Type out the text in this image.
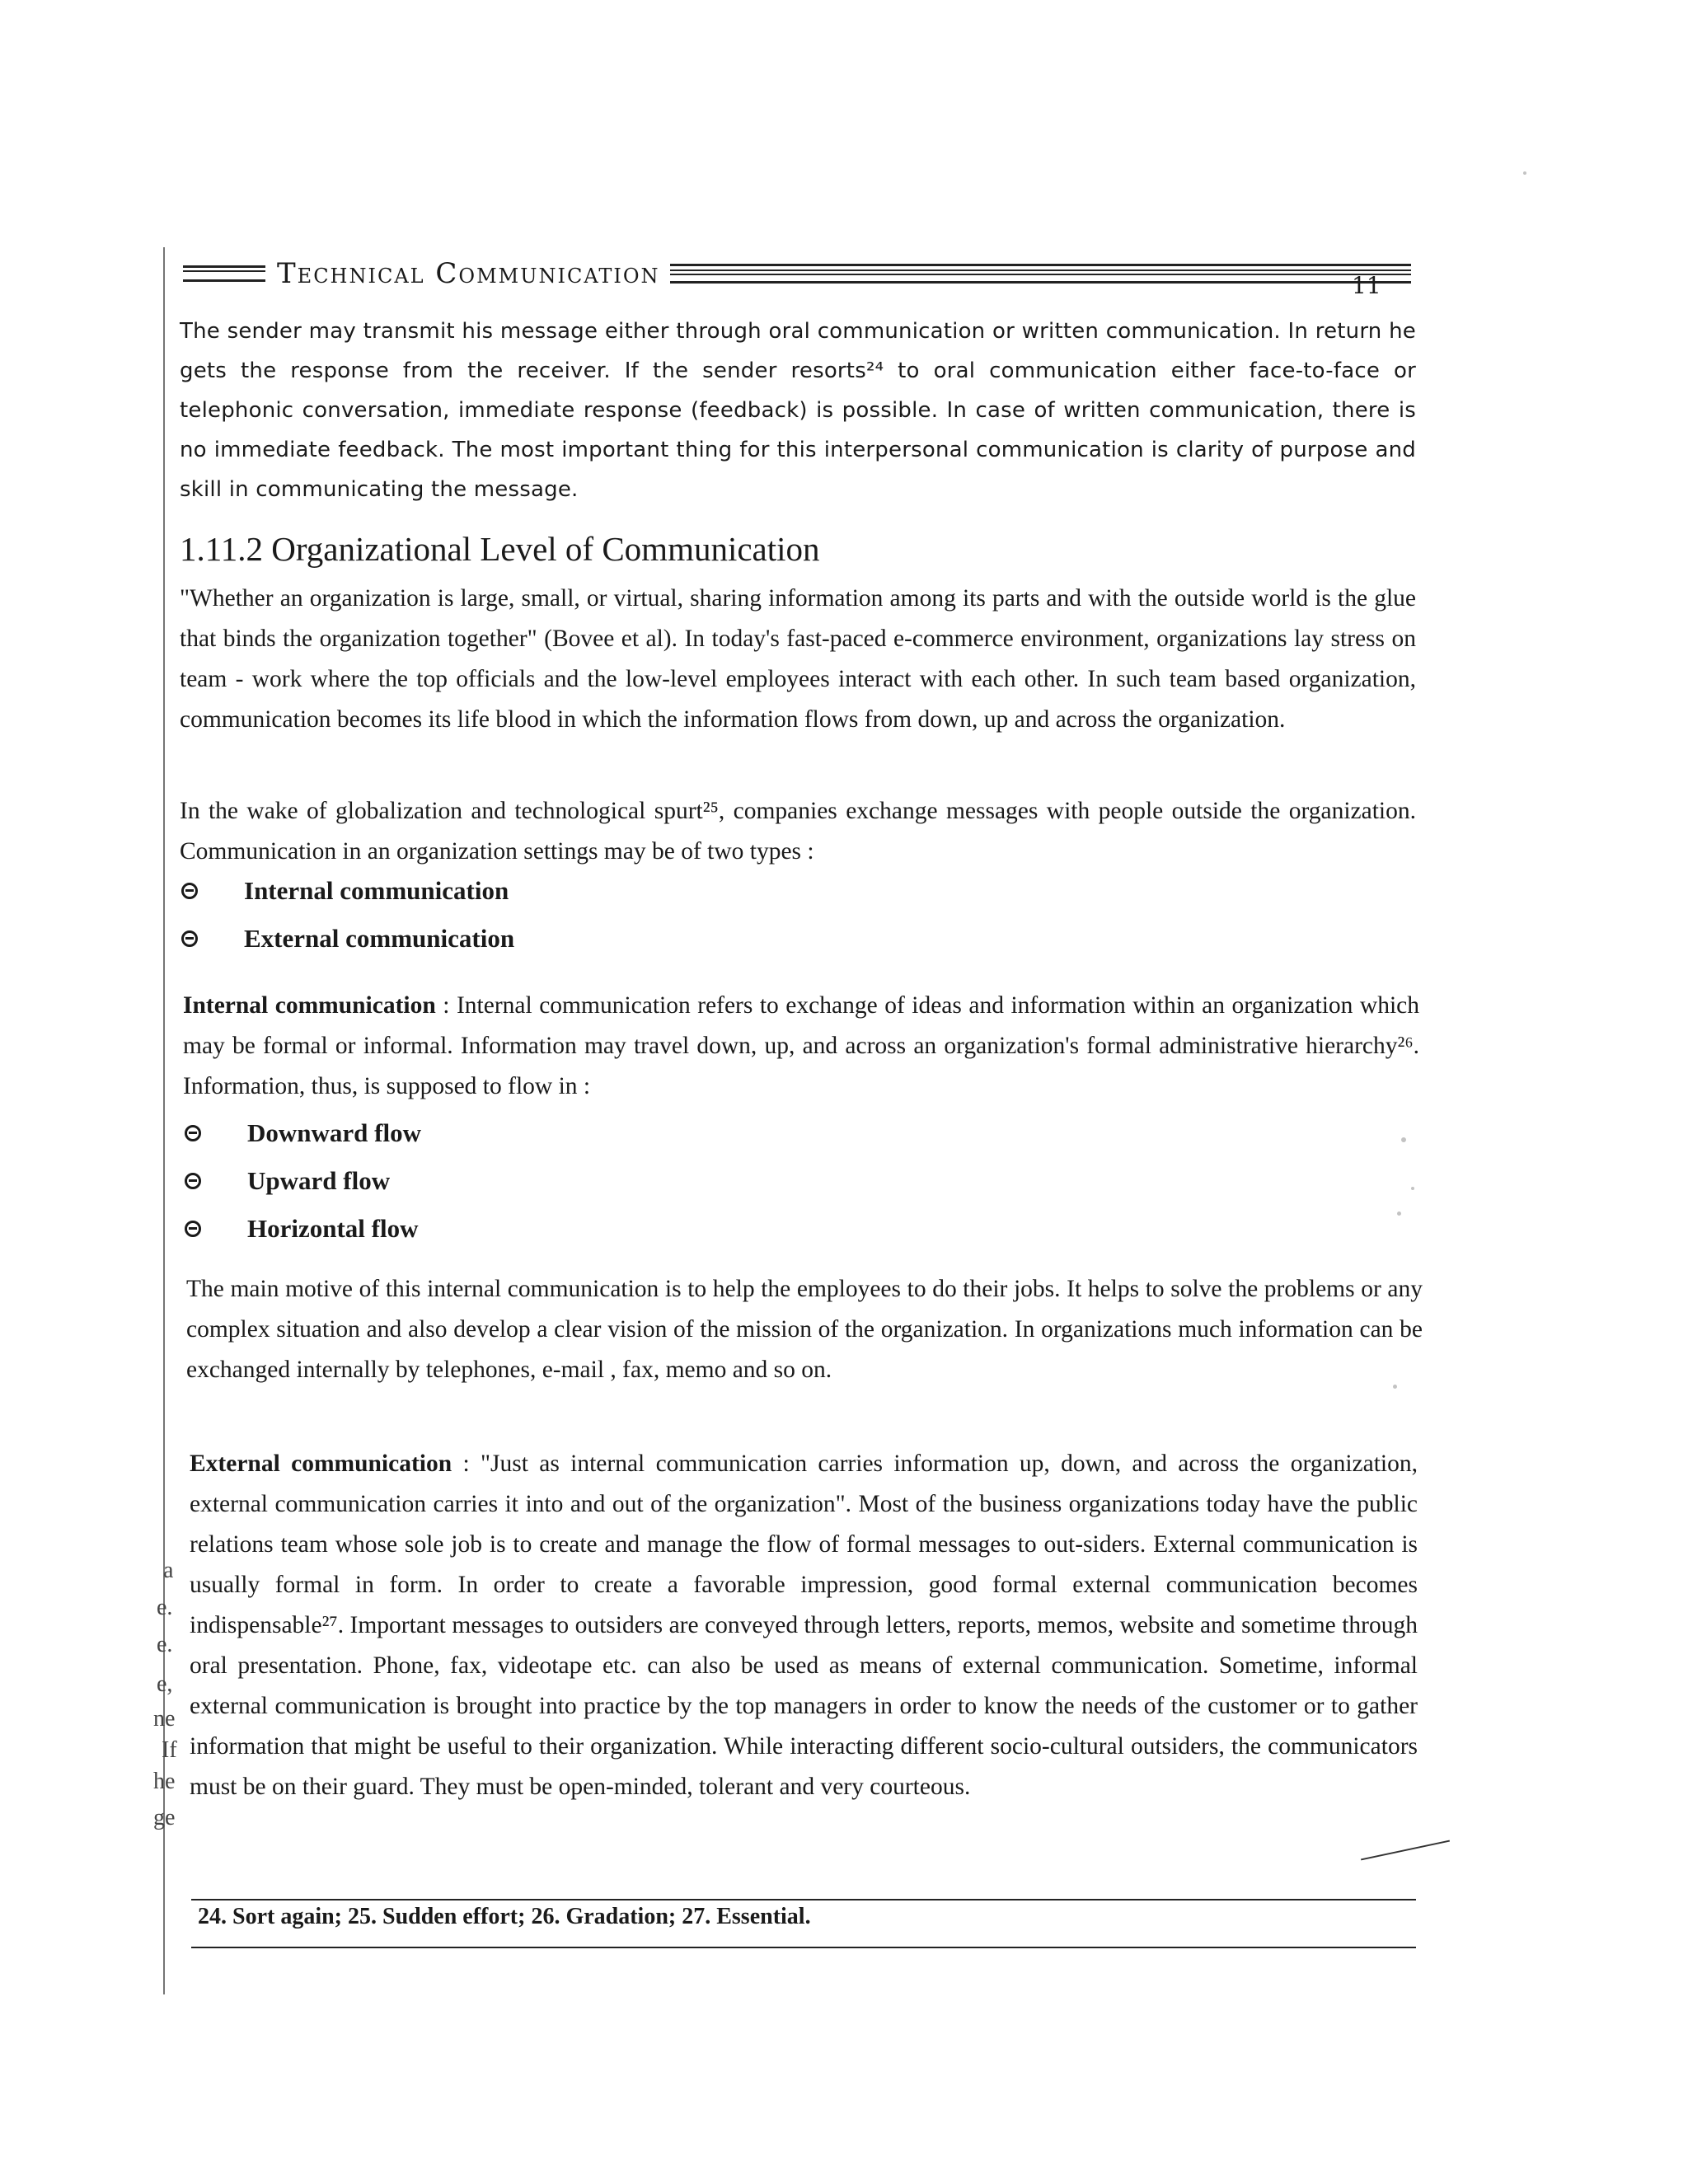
Technical Communication	11

The sender may transmit his message either through oral communication or written communication. In return he gets the response from the receiver. If the sender resorts²⁴ to oral communication either face-to-face or telephonic conversation, immediate response (feedback) is possible. In case of written communication, there is no immediate feedback. The most important thing for this interpersonal communication is clarity of purpose and skill in communicating the message.

1.11.2 Organizational Level of Communication

"Whether an organization is large, small, or virtual, sharing information among its parts and with the outside world is the glue that binds the organization together" (Bovee et al). In today's fast-paced e-commerce environment, organizations lay stress on team - work where the top officials and the low-level employees interact with each other. In such team based organization, communication becomes its life blood in which the information flows from down, up and across the organization.

In the wake of globalization and technological spurt²⁵, companies exchange messages with people outside the organization. Communication in an organization settings may be of two types :

Internal communication
External communication

Internal communication : Internal communication refers to exchange of ideas and information within an organization which may be formal or informal. Information may travel down, up, and across an organization's formal administrative hierarchy²⁶. Information, thus, is supposed to flow in :

Downward flow
Upward flow
Horizontal flow

The main motive of this internal communication is to help the employees to do their jobs. It helps to solve the problems or any complex situation and also develop a clear vision of the mission of the organization. In organizations much information can be exchanged internally by telephones, e-mail , fax, memo and so on.

External communication : "Just as internal communication carries information up, down, and across the organization, external communication carries it into and out of the organization". Most of the business organizations today have the public relations team whose sole job is to create and manage the flow of formal messages to out-siders. External communication is usually formal in form. In order to create a favorable impression, good formal external communication becomes indispensable²⁷. Important messages to outsiders are conveyed through letters, reports, memos, website and sometime through oral presentation. Phone, fax, videotape etc. can also be used as means of external communication. Sometime, informal external communication is brought into practice by the top managers in order to know the needs of the customer or to gather information that might be useful to their organization. While interacting different socio-cultural outsiders, the communicators must be on their guard. They must be open-minded, tolerant and very courteous.

24. Sort again; 25. Sudden effort; 26. Gradation; 27. Essential.
a
e.
e.
e,
ne
If
he
ge
